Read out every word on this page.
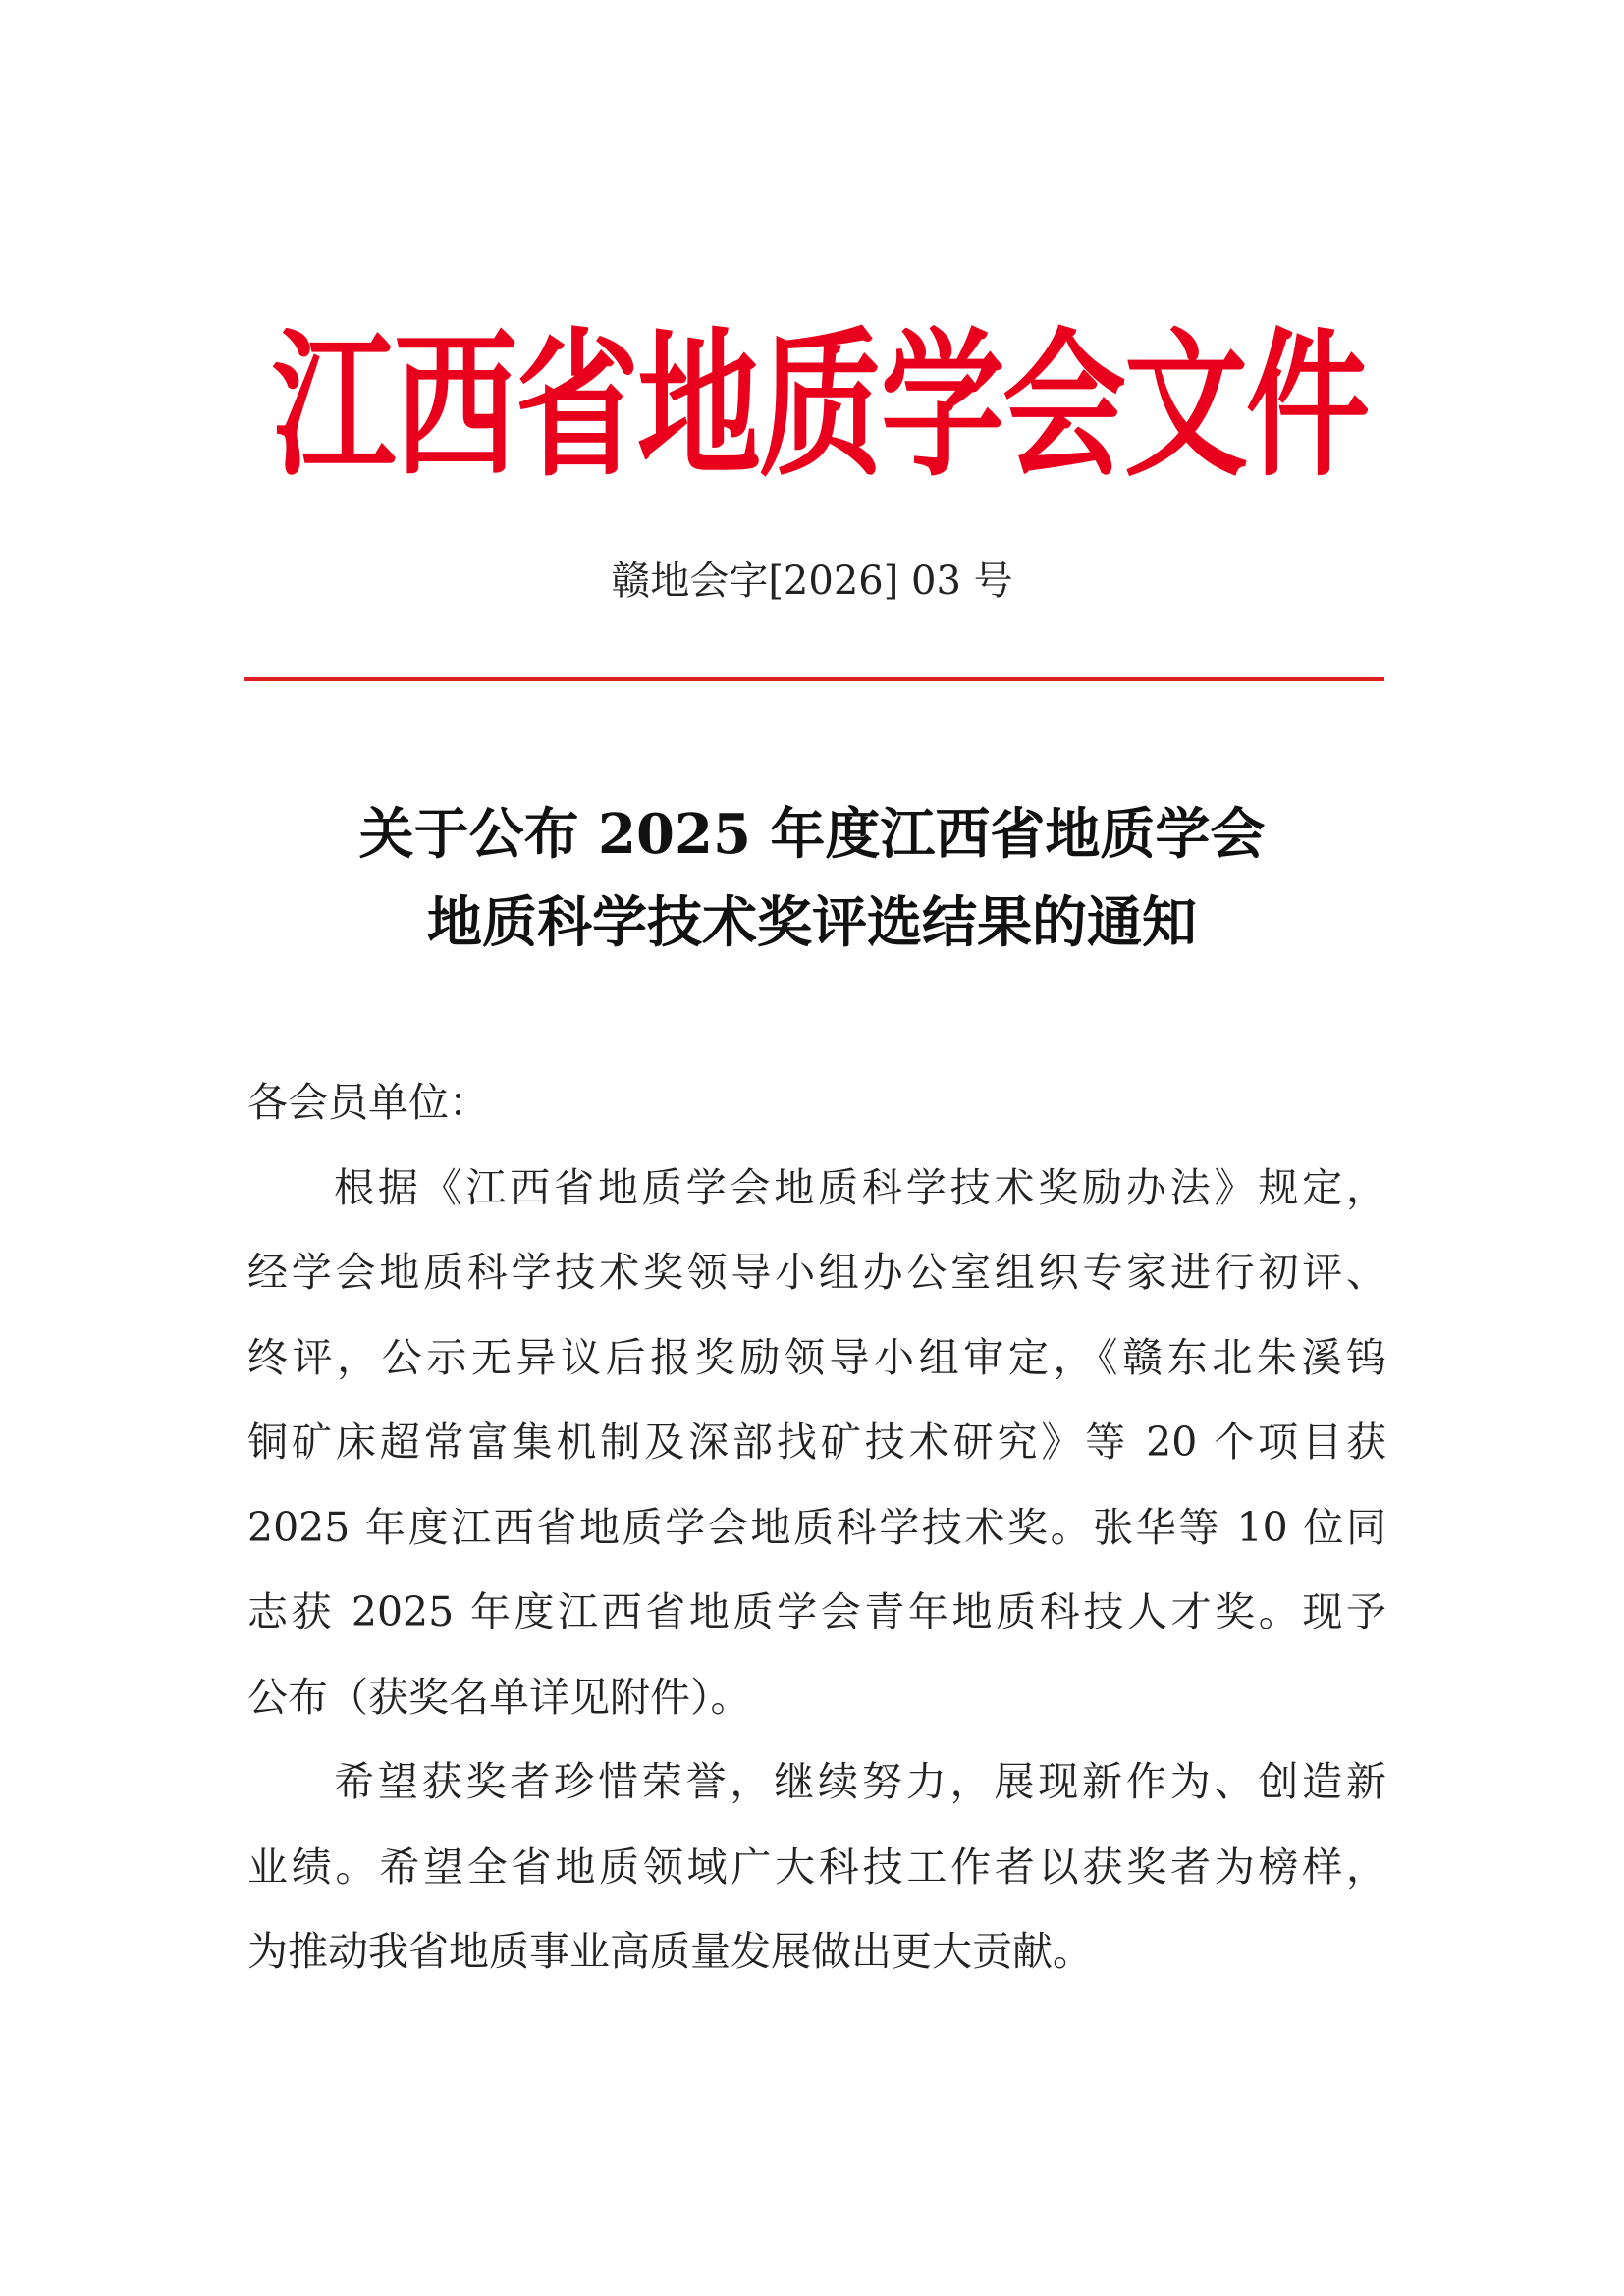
江西省地质学会文件
赣地会字[2026] 03 号
关于公布 2025 年度江西省地质学会
地质科学技术奖评选结果的通知
各会员单位：
根据《江西省地质学会地质科学技术奖励办法》规定，
经学会地质科学技术奖领导小组办公室组织专家进行初评、
终评，公示无异议后报奖励领导小组审定，《赣东北朱溪钨
铜矿床超常富集机制及深部找矿技术研究》等 20 个项目获
2025 年度江西省地质学会地质科学技术奖。张华等 10 位同
志获 2025 年度江西省地质学会青年地质科技人才奖。现予
公布（获奖名单详见附件）。
希望获奖者珍惜荣誉，继续努力，展现新作为、创造新
业绩。希望全省地质领域广大科技工作者以获奖者为榜样，
为推动我省地质事业高质量发展做出更大贡献。
